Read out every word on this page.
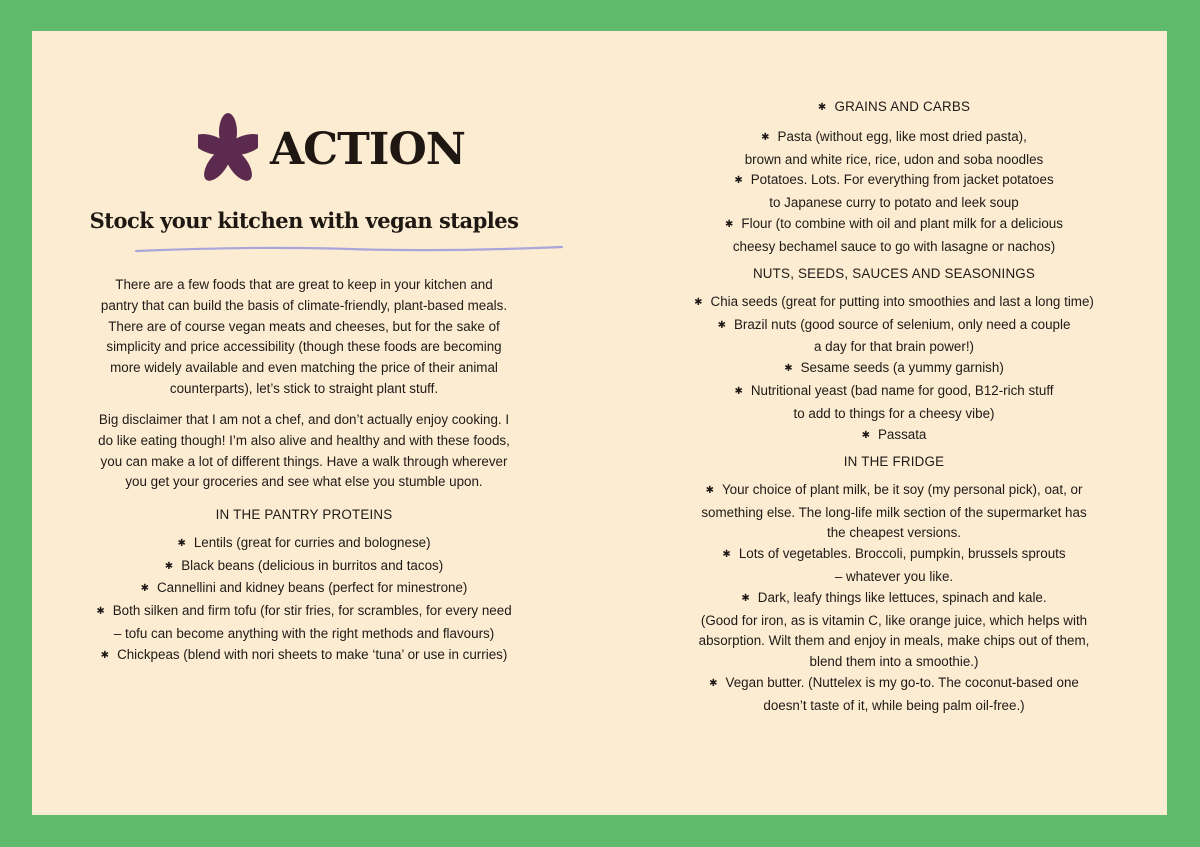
ACTION
Stock your kitchen with vegan staples

There are a few foods that are great to keep in your kitchen and

pantry that can build the basis of climate-friendly, plant-based meals.

There are of course vegan meats and cheeses, but for the sake of

simplicity and price accessibility (though these foods are becoming

more widely available and even matching the price of their animal

counterparts), let’s stick to straight plant stuff.

Big disclaimer that I am not a chef, and don’t actually enjoy cooking. I

do like eating though! I’m also alive and healthy and with these foods,

you can make a lot of different things. Have a walk through wherever

you get your groceries and see what else you stumble upon.

IN THE PANTRY PROTEINS

✱ Lentils (great for curries and bolognese)

✱ Black beans (delicious in burritos and tacos)

✱ Cannellini and kidney beans (perfect for minestrone)

✱ Both silken and firm tofu (for stir fries, for scrambles, for every need

– tofu can become anything with the right methods and flavours)

✱ Chickpeas (blend with nori sheets to make ‘tuna’ or use in curries)

✱ GRAINS AND CARBS

✱ Pasta (without egg, like most dried pasta),

brown and white rice, rice, udon and soba noodles

✱ Potatoes. Lots. For everything from jacket potatoes

to Japanese curry to potato and leek soup

✱ Flour (to combine with oil and plant milk for a delicious

cheesy bechamel sauce to go with lasagne or nachos)

NUTS, SEEDS, SAUCES AND SEASONINGS

✱ Chia seeds (great for putting into smoothies and last a long time)

✱ Brazil nuts (good source of selenium, only need a couple

a day for that brain power!)

✱ Sesame seeds (a yummy garnish)

✱ Nutritional yeast (bad name for good, B12-rich stuff

to add to things for a cheesy vibe)

✱ Passata

IN THE FRIDGE

✱ Your choice of plant milk, be it soy (my personal pick), oat, or

something else. The long-life milk section of the supermarket has

the cheapest versions.

✱ Lots of vegetables. Broccoli, pumpkin, brussels sprouts

– whatever you like.

✱ Dark, leafy things like lettuces, spinach and kale.

(Good for iron, as is vitamin C, like orange juice, which helps with

absorption. Wilt them and enjoy in meals, make chips out of them,

blend them into a smoothie.)

✱ Vegan butter. (Nuttelex is my go-to. The coconut-based one

doesn’t taste of it, while being palm oil-free.)
